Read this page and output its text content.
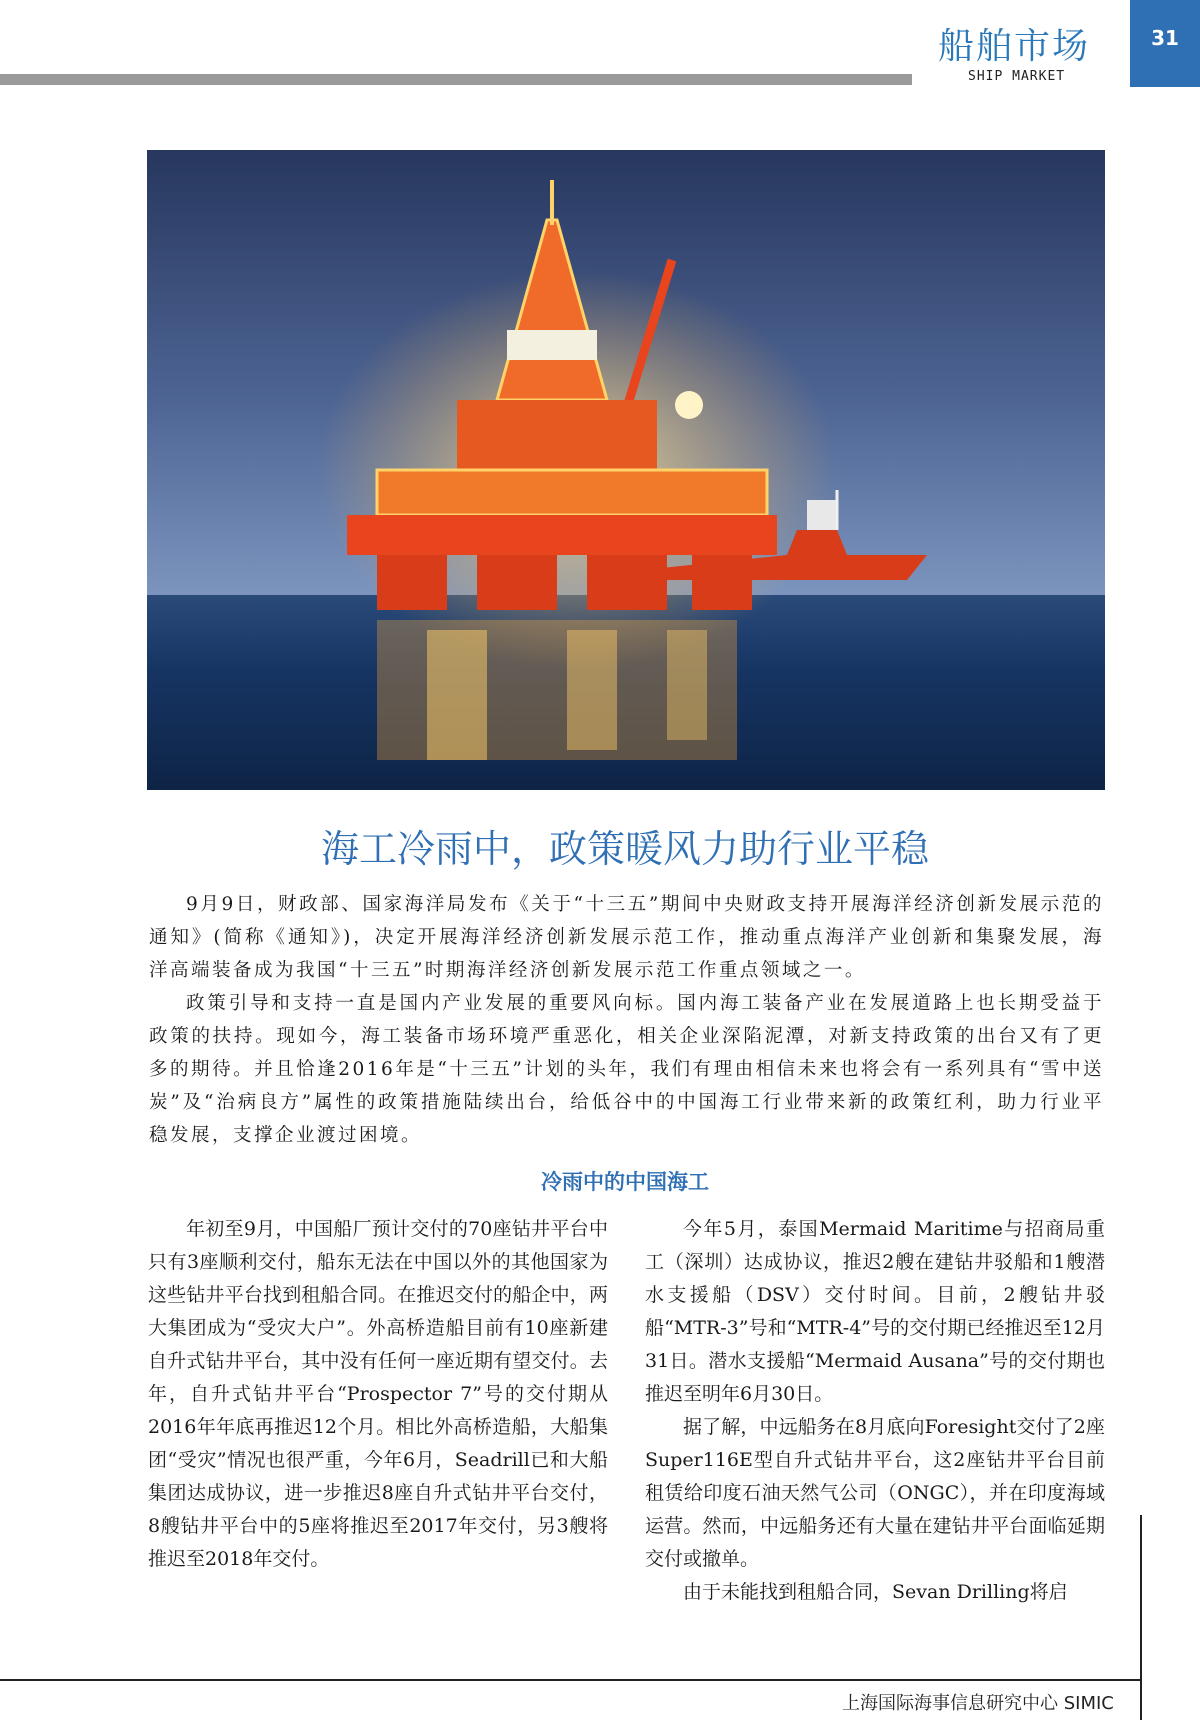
船舶市场
SHIP MARKET
31
海工冷雨中，政策暖风力助行业平稳

9月9日，财政部、国家海洋局发布《关于“十三五”期间中央财政支持开展海洋经济创新发展示范的通知》(简称《通知》)，决定开展海洋经济创新发展示范工作，推动重点海洋产业创新和集聚发展，海洋高端装备成为我国“十三五”时期海洋经济创新发展示范工作重点领域之一。

政策引导和支持一直是国内产业发展的重要风向标。国内海工装备产业在发展道路上也长期受益于政策的扶持。现如今，海工装备市场环境严重恶化，相关企业深陷泥潭，对新支持政策的出台又有了更多的期待。并且恰逢2016年是“十三五”计划的头年，我们有理由相信未来也将会有一系列具有“雪中送炭”及“治病良方”属性的政策措施陆续出台，给低谷中的中国海工行业带来新的政策红利，助力行业平稳发展，支撑企业渡过困境。

冷雨中的中国海工

年初至9月，中国船厂预计交付的70座钻井平台中只有3座顺利交付，船东无法在中国以外的其他国家为这些钻井平台找到租船合同。在推迟交付的船企中，两大集团成为“受灾大户”。外高桥造船目前有10座新建自升式钻井平台，其中没有任何一座近期有望交付。去年，自升式钻井平台“Prospector 7”号的交付期从2016年年底再推迟12个月。相比外高桥造船，大船集团“受灾”情况也很严重，今年6月，Seadrill已和大船集团达成协议，进一步推迟8座自升式钻井平台交付，8艘钻井平台中的5座将推迟至2017年交付，另3艘将推迟至2018年交付。

今年5月，泰国Mermaid Maritime与招商局重工（深圳）达成协议，推迟2艘在建钻井驳船和1艘潜水支援船（DSV）交付时间。目前，2艘钻井驳船“MTR-3”号和“MTR-4”号的交付期已经推迟至12月31日。潜水支援船“Mermaid Ausana”号的交付期也推迟至明年6月30日。

据了解，中远船务在8月底向Foresight交付了2座Super116E型自升式钻井平台，这2座钻井平台目前租赁给印度石油天然气公司（ONGC），并在印度海域运营。然而，中远船务还有大量在建钻井平台面临延期交付或撤单。

由于未能找到租船合同，Sevan Drilling将启

上海国际海事信息研究中心 SIMIC
